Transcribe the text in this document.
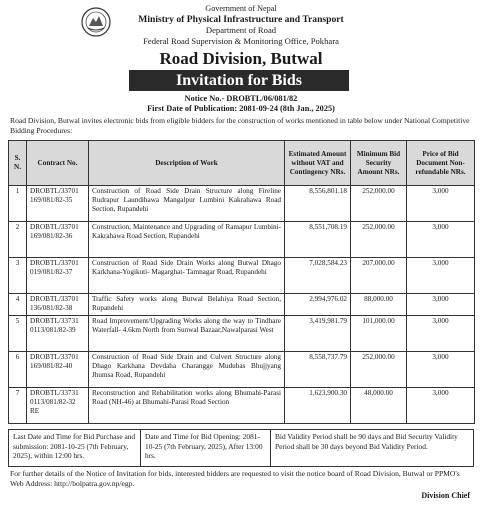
Government of Nepal
Ministry of Physical Infrastructure and Transport
Department of Road
Federal Road Supervision & Monitoring Office, Pokhara
Road Division, Butwal
Invitation for Bids
Notice No.- DROBTL/06/081/82
First Date of Publication: 2081-09-24 (8th Jan., 2025)
Road Division, Butwal invites electronic bids from eligible bidders for the construction of works mentioned in table below under National Competitive Bidding Procedures:
S. N.	Contract No.	Description of Work	Estimated Amount without VAT and Contingency NRs.	Minimum Bid Security Amount NRs.	Price of Bid Document Non-refundable NRs.
1	DROBTL/33701 169/081/82-35	Construction of Road Side Drain Structure along Fireline Rudrapur Laundihawa Mangalpur Lumbini Kakrahawa Road Section, Rupandehi	8,556,801.18	252,000.00	3,000
2	DROBTL/33701 169/081/82-36	Construction, Maintenance and Upgrading of Ramapur Lumbini- Kakrahawa Road Section, Rupandehi	8,551,708.19	252,000.00	3,000
3	DROBTL/33701 019/081/82-37	Construction of Road Side Drain Works along Butwal Dhago Karkhana-Yogikuti- Magarghat- Tamnagar Road, Rupandehi	7,028,584.23	207,000.00	3,000
4	DROBTL/33701 136/081/82-38	Traffic Safety works along Butwal Belahiya Road Section, Rupandehi	2,994,976.02	88,000.00	3,000
5	DROBTL/33731 0113/081/82-39	Road Improvement/Upgrading Works along the way to Tindhare Waterfall- 4.6km North from Sunwal Bazaar,Nawalparasi West	3,419,981.79	101,000.00	3,000
6	DROBTL/33701 169/081/82-40	Construction of Road Side Drain and Culvert Structure along Dhago Karkhana Devdaha Charangge Mudubas Bhujjyang Jhumsa Road, Rupandehi	8,558,737.79	252,000.00	3,000
7	DROBTL/33731 0113/081/82-32 RE	Reconstruction and Rehabilitation works along Bhumahi-Parasi Road (NH-46) at Bhumahi-Parasi Road Section	1,623,900.30	48,000.00	3,000
Last Date and Time for Bid Purchase and submission: 2081-10-25 (7th February, 2025), within 12:00 hrs.
Date and Time for Bid Opening: 2081-10-25 (7th February, 2025), After 13:00 hrs.
Bid Validity Period shall be 90 days and Bid Security Validity Period shall be 30 days beyond Bid Validity Period.
For further details of the Notice of Invitation for bids, interested bidders are requested to visit the notice board of Road Division, Butwal or PPMO's Web Address: http://bolpatra.gov.np/egp.
Division Chief
